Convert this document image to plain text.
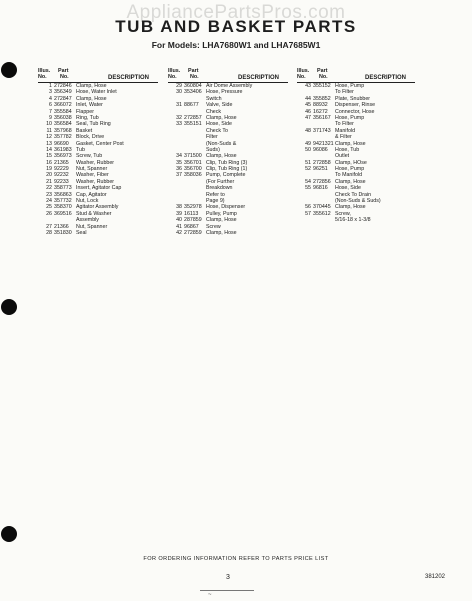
AppliancePartsPros.com
TUB AND BASKET PARTS
For Models: LHA7680W1 and LHA7685W1
Illus.
No.
Part
No.	DESCRIPTION
1 272846 Clamp, Hose
3 356349 Hose, Water Inlet
4 272847 Clamp, Hose
6 366072 Inlet, Water
7 355584 Flapper
9 356038 Ring, Tub
10 356584 Seal, Tub Ring
11 357968 Basket
12 357782 Block, Drive
13 96690 Gasket, Center Post
14 361983 Tub
15 356973 Screw, Tub
16 21365 Washer, Rubber
19 92229 Nut, Spanner
20 92232 Washer, Fiber
21 92233 Washer, Rubber
22 358773 Insert, Agitator Cap
23 356863 Cap, Agitator
24 357732 Nut, Lock
25 358370 Agitator Assembly
26 369516 Stud & Washer
Assembly
27 21366 Nut, Spanner
28 351830 Seal
Illus.
No.
Part
No.	DESCRIPTION
29 360804 Air Dome Assembly
30 353406 Hose, Pressure
Switch
31 88677 Valve, Side
Check
32 272857 Clamp, Hose
33 355151 Hose, Side
Check To
Filter
(Non-Suds &
Suds)
34 371500 Clamp, Hose
35 356701 Clip, Tub Ring (3)
36 356700 Clip, Tub Ring (1)
37 358036 Pump, Complete
(For Further
Breakdown
Refer to
Page 9)
38 352978 Hose, Dispenser
39 16113 Pulley, Pump
40 287859 Clamp, Hose
41 96867 Screw
42 272859 Clamp, Hose
Illus.
No.
Part
No.	DESCRIPTION
43 355152 Hose, Pump
To Filter
44 355852 Plate, Snubber
45 88932 Dispenser, Rinse
46 16272 Connector, Hose
47 356167 Hose, Pump
To Filter
48 371743 Manifold
& Filter
49 9421321 Clamp, Hose
50 96086 Hose, Tub
Outlet
51 272858 Clamp, HOse
52 96251 Hose, Pump
To Manifold
54 272856 Clamp, Hose
55 96816 Hose, Side
Check To Drain
(Non-Suds & Suds)
56 370445 Clamp, Hose
57 355612 Screw,
5/16-18 x 1-3/8
FOR ORDERING INFORMATION REFER TO PARTS PRICE LIST
3	381202
~
